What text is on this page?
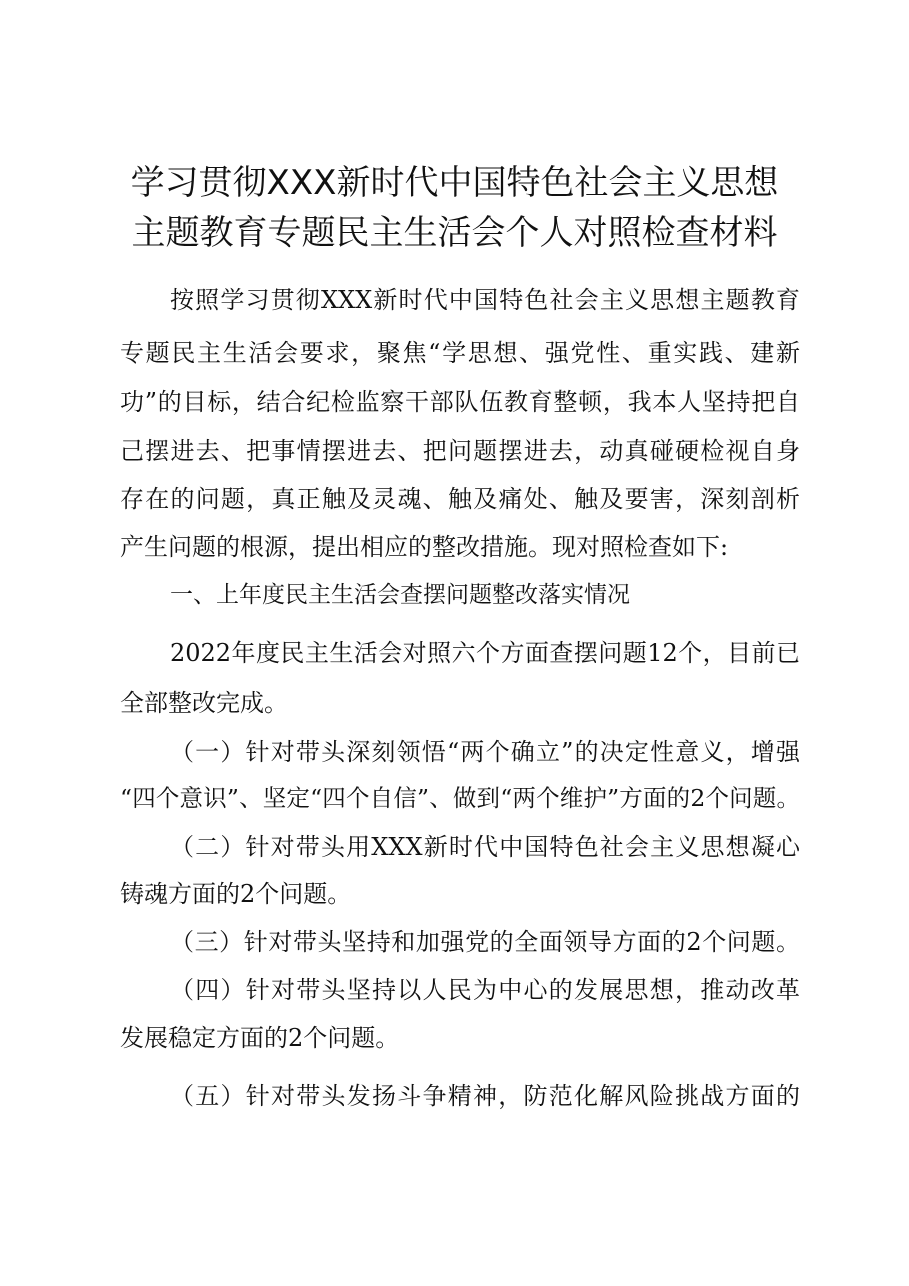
学习贯彻XXX新时代中国特色社会主义思想
主题教育专题民主生活会个人对照检查材料
按照学习贯彻XXX新时代中国特色社会主义思想主题教育
专题民主生活会要求，聚焦“学思想、强党性、重实践、建新
功”的目标，结合纪检监察干部队伍教育整顿，我本人坚持把自
己摆进去、把事情摆进去、把问题摆进去，动真碰硬检视自身
存在的问题，真正触及灵魂、触及痛处、触及要害，深刻剖析
产生问题的根源，提出相应的整改措施。现对照检查如下:
一、上年度民主生活会查摆问题整改落实情况
2022年度民主生活会对照六个方面查摆问题12个，目前已
全部整改完成。
（一）针对带头深刻领悟“两个确立”的决定性意义，增强
“四个意识”、坚定“四个自信”、做到“两个维护”方面的2个问题。
（二）针对带头用XXX新时代中国特色社会主义思想凝心
铸魂方面的2个问题。
（三）针对带头坚持和加强党的全面领导方面的2个问题。
（四）针对带头坚持以人民为中心的发展思想，推动改革
发展稳定方面的2个问题。
（五）针对带头发扬斗争精神，防范化解风险挑战方面的
